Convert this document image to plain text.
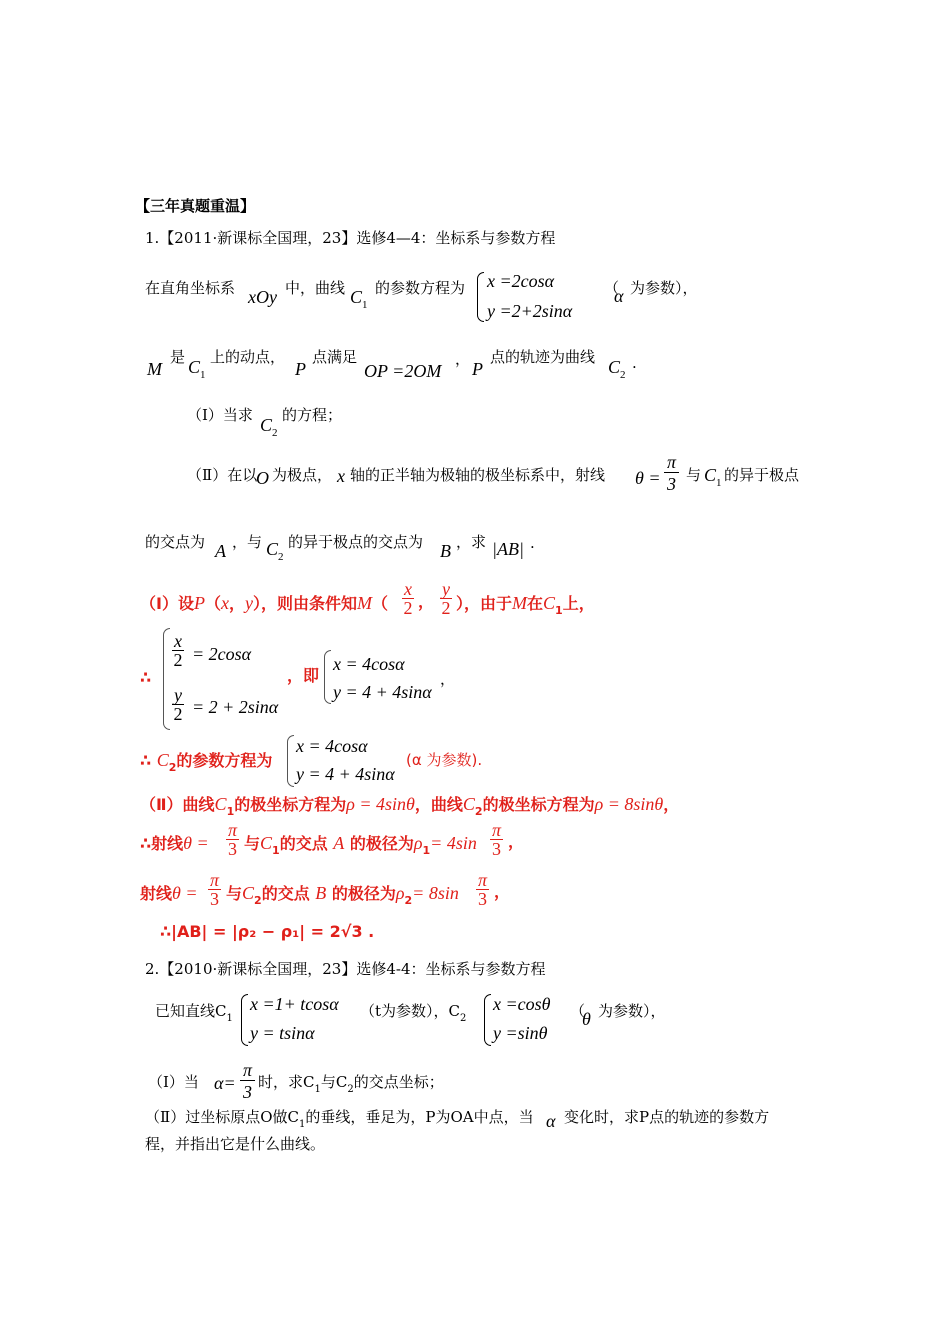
【三年真题重温】
1.【2011·新课标全国理，23】选修4—4：坐标系与参数方程
在直角坐标系 xOy 中，曲线 $C_1$
的参数方程为 x =2cosα
y =2+2sinα
（
α 为参数），
M
是 $C_1$
上的动点，
P
点满足
OP =2OM
， P
点的轨迹为曲线 $C_2$
.
（Ⅰ）当求 $C_2$
的方程；
（Ⅱ）在以
O 为极点， x 轴的正半轴为极轴的极坐标系中，射线 θ =
π
3 与 $C_1$ 的异于极点
的交点为 A ，与 $C_2$
的异于极点的交点为 B ，求 |AB| .
（Ⅰ）设P（x，y），则由条件知M（
x
2 ，
y
2 ），由于M在$C_1$上，
∴
x
2 = 2cosα
y
2 = 2 + 2sinα
，即
x = 4cosα
y = 4 + 4sinα
，
∴ $C_2$的参数方程为
x = 4cosα
y = 4 + 4sinα
(α 为参数).
（Ⅱ）曲线$C_1$的极坐标方程为ρ = 4sinθ，曲线$C_2$的极坐标方程为ρ = 8sinθ，
∴射线θ =
π
3 与$C_1$的交点 A 的极径为$\rho_1= 4\sin$
π
3 ，
射线θ =
π
3 与$C_2$的交点 B 的极径为$\rho_2= 8\sin$
π
3 ，
∴|AB| = |ρ₂ − ρ₁| = 2√3 .
2.【2010·新课标全国理，23】选修4-4：坐标系与参数方程
已知直线$C_1$
x =1+ tcosα
y = tsinα
（t为参数），$C_2$
x =cosθ
y =sinθ
（
θ 为参数），
（Ⅰ）当 α=
π
3 时，求$C_1$与$C_2$的交点坐标；
（Ⅱ）过坐标原点O做$C_1$的垂线，垂足为，P为OA中点，当 α 变化时，求P点的轨迹的参数方
程，并指出它是什么曲线。
